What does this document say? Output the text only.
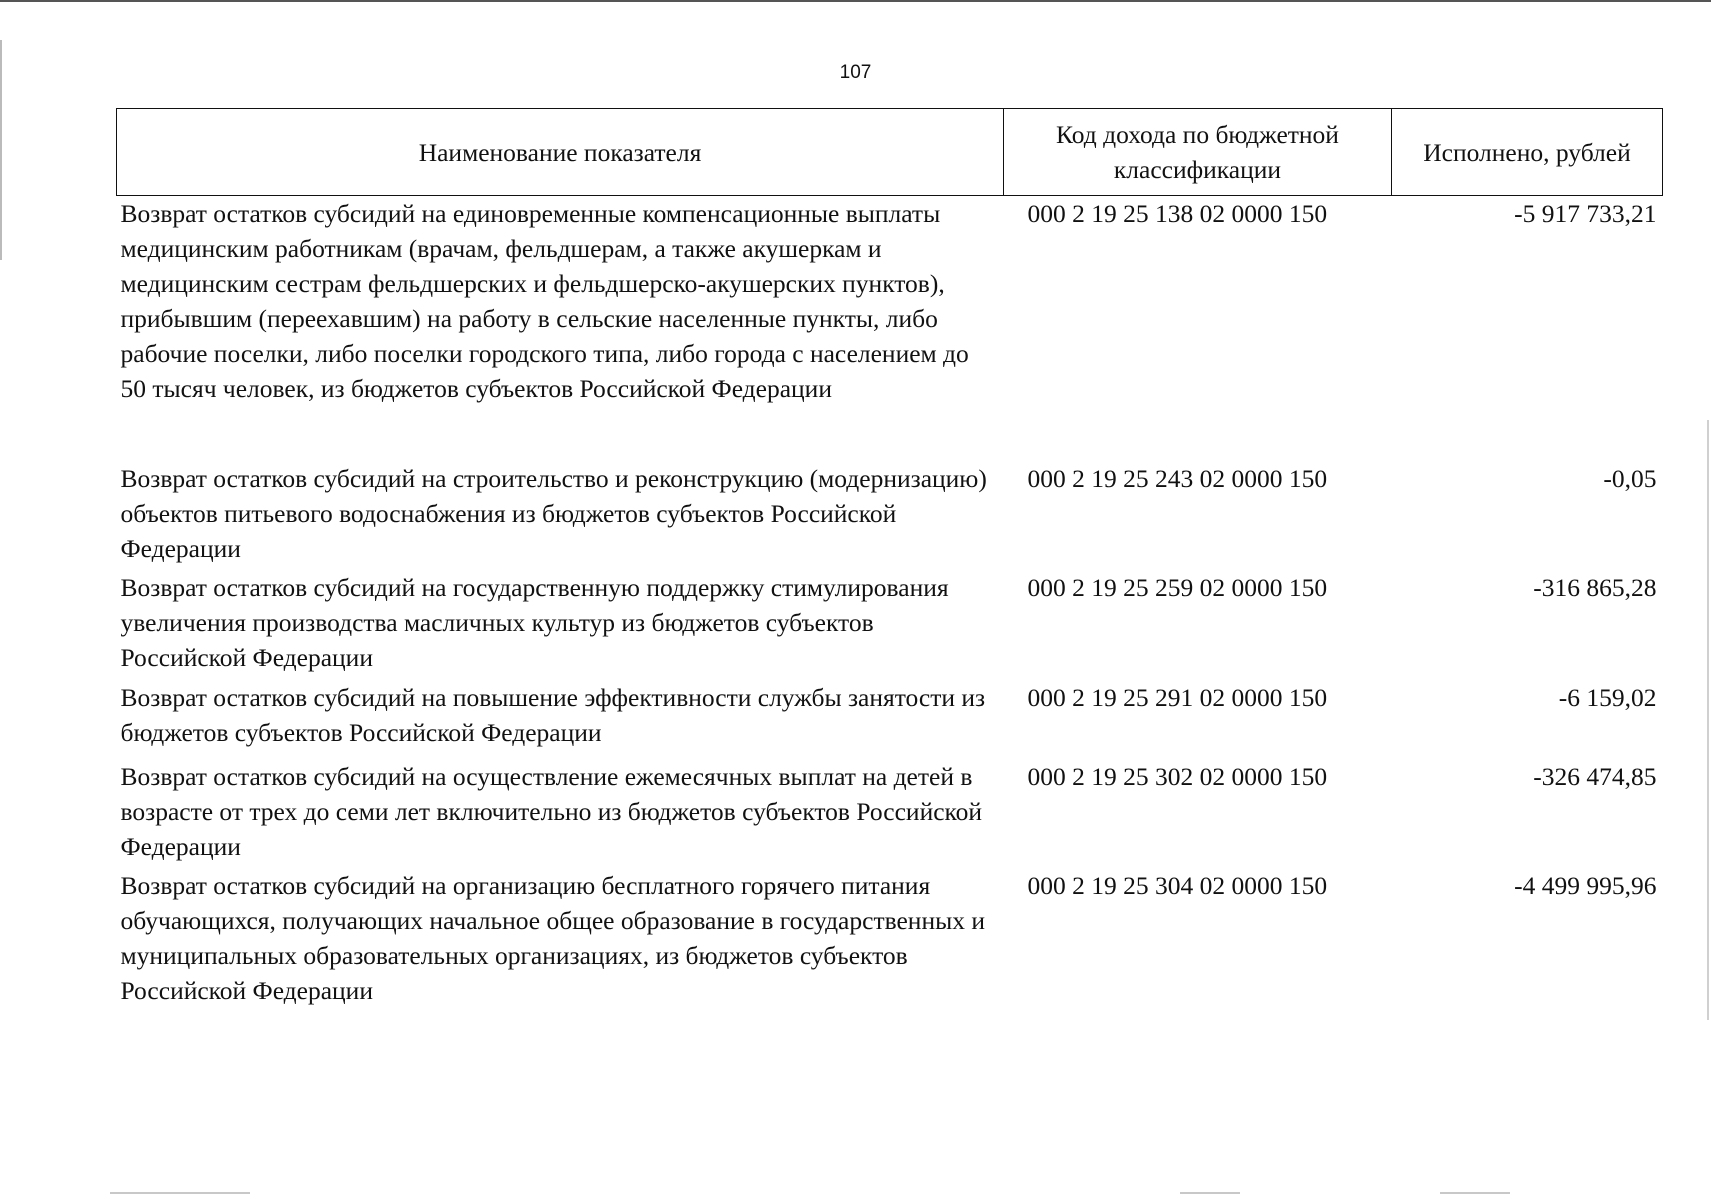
107
Наименование показателя	Код дохода по бюджетной классификации	Исполнено, рублей
Возврат остатков субсидий на единовременные компенсационные выплаты медицинским работникам (врачам, фельдшерам, а также акушеркам и медицинским сестрам фельдшерских и фельдшерско-акушерских пунктов), прибывшим (переехавшим) на работу в сельские населенные пункты, либо рабочие поселки, либо поселки городского типа, либо города с населением до 50 тысяч человек, из бюджетов субъектов Российской Федерации	000 2 19 25 138 02 0000 150	-5 917 733,21
Возврат остатков субсидий на строительство и реконструкцию (модернизацию) объектов питьевого водоснабжения из бюджетов субъектов Российской Федерации	000 2 19 25 243 02 0000 150	-0,05
Возврат остатков субсидий на государственную поддержку стимулирования увеличения производства масличных культур из бюджетов субъектов Российской Федерации	000 2 19 25 259 02 0000 150	-316 865,28
Возврат остатков субсидий на повышение эффективности службы занятости из бюджетов субъектов Российской Федерации	000 2 19 25 291 02 0000 150	-6 159,02
Возврат остатков субсидий на осуществление ежемесячных выплат на детей в возрасте от трех до семи лет включительно из бюджетов субъектов Российской Федерации	000 2 19 25 302 02 0000 150	-326 474,85
Возврат остатков субсидий на организацию бесплатного горячего питания обучающихся, получающих начальное общее образование в государственных и муниципальных образовательных организациях, из бюджетов субъектов Российской Федерации	000 2 19 25 304 02 0000 150	-4 499 995,96
